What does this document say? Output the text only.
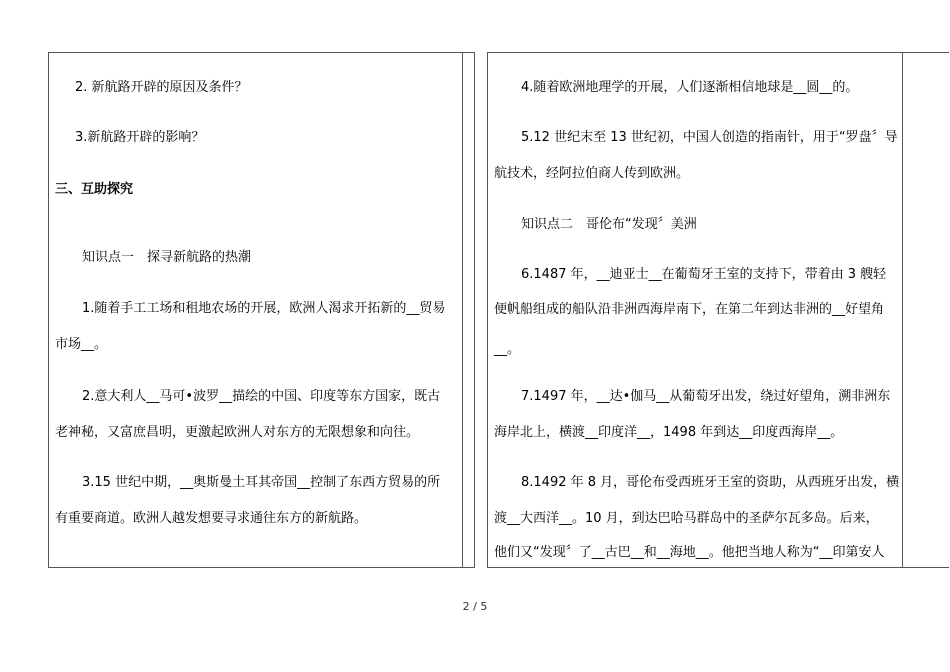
2. 新航路开辟的原因及条件？
3.新航路开辟的影响？
三、互助探究
知识点一　探寻新航路的热潮
1.随着手工工场和租地农场的开展，欧洲人渴求开拓新的__贸易
市场__。
2.意大利人__马可•波罗__描绘的中国、印度等东方国家，既古
老神秘，又富庶昌明，更激起欧洲人对东方的无限想象和向往。
3.15 世纪中期，__奥斯曼土耳其帝国__控制了东西方贸易的所
有重要商道。欧洲人越发想要寻求通往东方的新航路。
4.随着欧洲地理学的开展，人们逐渐相信地球是__圆__的。
5.12 世纪末至 13 世纪初，中国人创造的指南针，用于“罗盘〞导
航技术，经阿拉伯商人传到欧洲。
知识点二　哥伦布“发现〞美洲
6.1487 年，__迪亚士__在葡萄牙王室的支持下，带着由 3 艘轻
便帆船组成的船队沿非洲西海岸南下，在第二年到达非洲的__好望角
__。
7.1497 年，__达•伽马__从葡萄牙出发，绕过好望角，溯非洲东
海岸北上，横渡__印度洋__，1498 年到达__印度西海岸__。
8.1492 年 8 月，哥伦布受西班牙王室的资助，从西班牙出发，横
渡__大西洋__。10 月，到达巴哈马群岛中的圣萨尔瓦多岛。后来，
他们又“发现〞了__古巴__和__海地__。他把当地人称为“__印第安人
2 / 5
